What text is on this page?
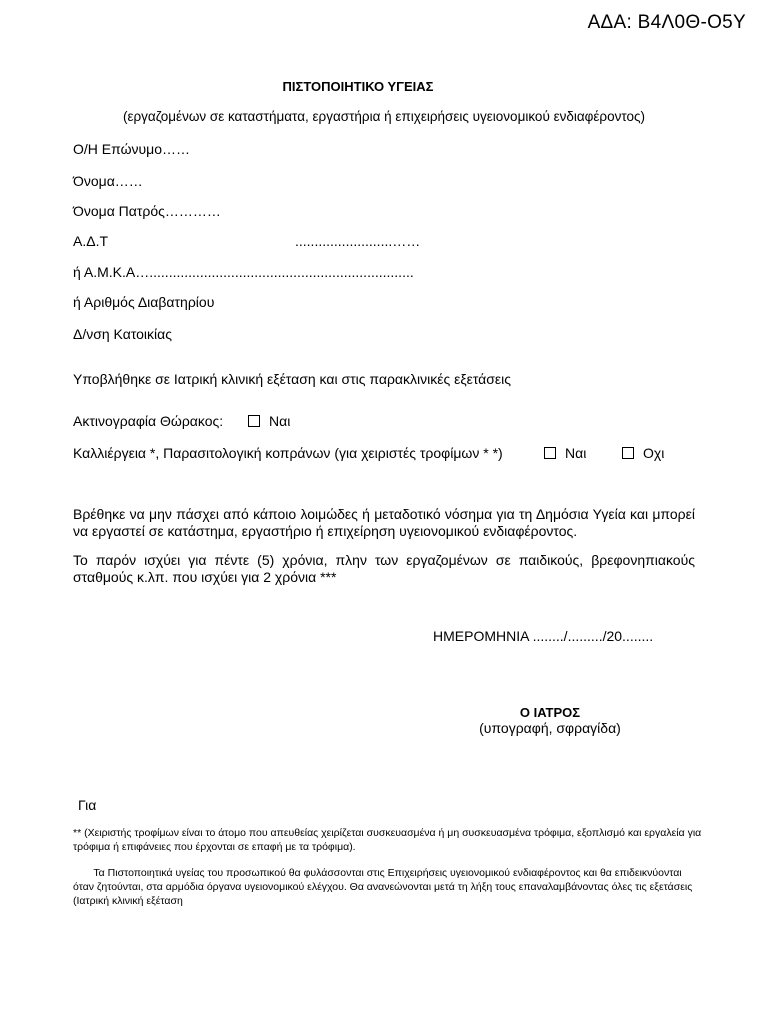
ΑΔΑ: Β4Λ0Θ-Ο5Υ
ΠΙΣΤΟΠΟΙΗΤΙΚΟ ΥΓΕΙΑΣ
(εργαζομένων σε καταστήματα, εργαστήρια ή επιχειρήσεις υγειονομικού ενδιαφέροντος)
Ο/Η Επώνυμο……
Όνομα……
Όνομα Πατρός…………
Α.Δ.Τ	.........................……
ή Α.Μ.Κ.Α…....................................................................
ή Αριθμός Διαβατηρίου
Δ/νση Κατοικίας
Υποβλήθηκε σε Ιατρική κλινική εξέταση και στις παρακλινικές εξετάσεις
Ακτινογραφία Θώρακος:	Ναι
Καλλιέργεια *, Παρασιτολογική κοπράνων (για χειριστές τροφίμων * *)	Ναι	Οχι
Βρέθηκε να μην πάσχει από κάποιο λοιμώδες ή μεταδοτικό νόσημα για τη Δημόσια Υγεία και μπορεί να εργαστεί σε κατάστημα, εργαστήριο ή επιχείρηση υγειονομικού ενδιαφέροντος.
Το παρόν ισχύει για πέντε (5) χρόνια, πλην των εργαζομένων σε παιδικούς, βρεφονηπιακούς σταθμούς κ.λπ. που ισχύει για 2 χρόνια ***
ΗΜΕΡΟΜΗΝΙΑ ......../........./20........
Ο ΙΑΤΡΟΣ
(υπογραφή, σφραγίδα)
Για
** (Χειριστής τροφίμων είναι το άτομο που απευθείας χειρίζεται συσκευασμένα ή μη συσκευασμένα τρόφιμα, εξοπλισμό και εργαλεία για τρόφιμα ή επιφάνειες που έρχονται σε επαφή με τα τρόφιμα).
Τα Πιστοποιητικά υγείας του προσωπικού θα φυλάσσονται στις Επιχειρήσεις υγειονομικού ενδιαφέροντος και θα επιδεικνύονται όταν ζητούνται, στα αρμόδια όργανα υγειονομικού ελέγχου. Θα ανανεώνονται μετά τη λήξη τους επαναλαμβάνοντας όλες τις εξετάσεις (Ιατρική κλινική εξέταση
